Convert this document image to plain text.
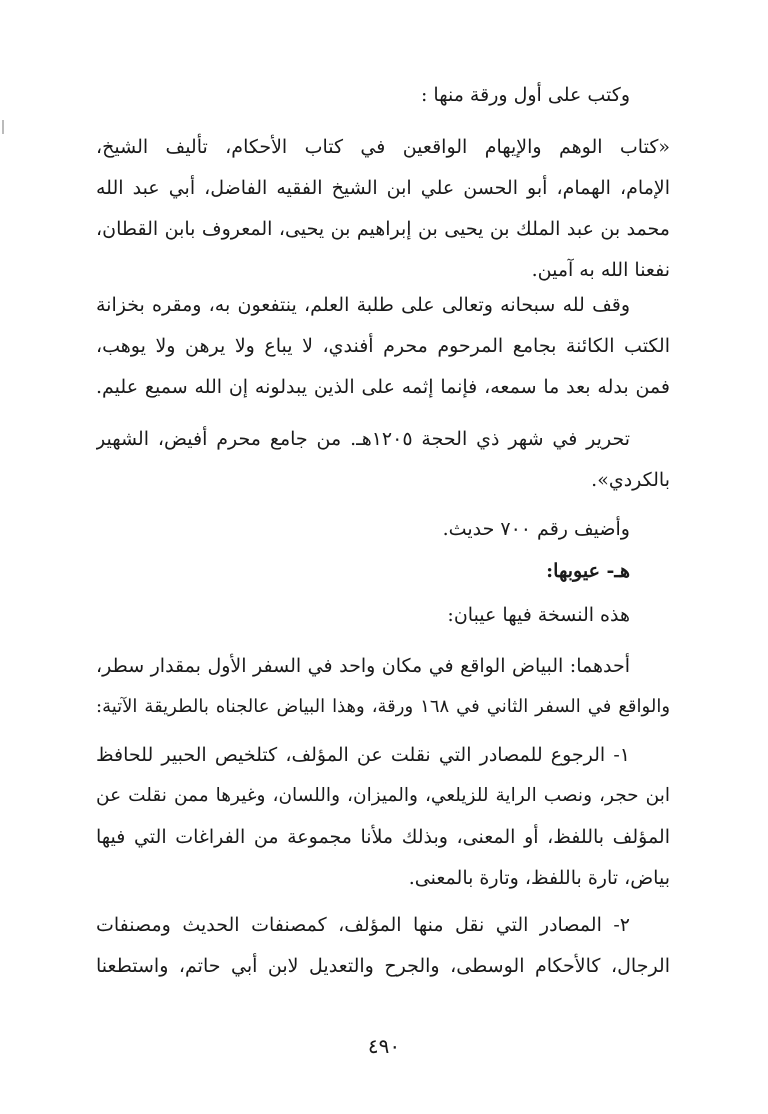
وكتب على أول ورقة منها :
«كتاب الوهم والإيهام الواقعين في كتاب الأحكام، تأليف الشيخ،
الإمام، الهمام، أبو الحسن علي ابن الشيخ الفقيه الفاضل، أبي عبد الله
محمد بن عبد الملك بن يحيى بن إبراهيم بن يحيى، المعروف بابن القطان،
نفعنا الله به آمين.
وقف لله سبحانه وتعالى على طلبة العلم، ينتفعون به، ومقره بخزانة
الكتب الكائنة بجامع المرحوم محرم أفندي، لا يباع ولا يرهن ولا يوهب،
فمن بدله بعد ما سمعه، فإنما إثمه على الذين يبدلونه إن الله سميع عليم.
تحرير في شهر ذي الحجة ١٢٠٥هـ. من جامع محرم أفيض، الشهير
بالكردي».
وأضيف رقم ٧٠٠ حديث.
هـ- عيوبها:
هذه النسخة فيها عيبان:
أحدهما: البياض الواقع في مكان واحد في السفر الأول بمقدار سطر،
والواقع في السفر الثاني في ١٦٨ ورقة، وهذا البياض عالجناه بالطريقة الآتية:
١- الرجوع للمصادر التي نقلت عن المؤلف، كتلخيص الحبير للحافظ
ابن حجر، ونصب الراية للزيلعي، والميزان، واللسان، وغيرها ممن نقلت عن
المؤلف باللفظ، أو المعنى، وبذلك ملأنا مجموعة من الفراغات التي فيها
بياض، تارة باللفظ، وتارة بالمعنى.
٢- المصادر التي نقل منها المؤلف، كمصنفات الحديث ومصنفات
الرجال، كالأحكام الوسطى، والجرح والتعديل لابن أبي حاتم، واستطعنا
٤٩٠
